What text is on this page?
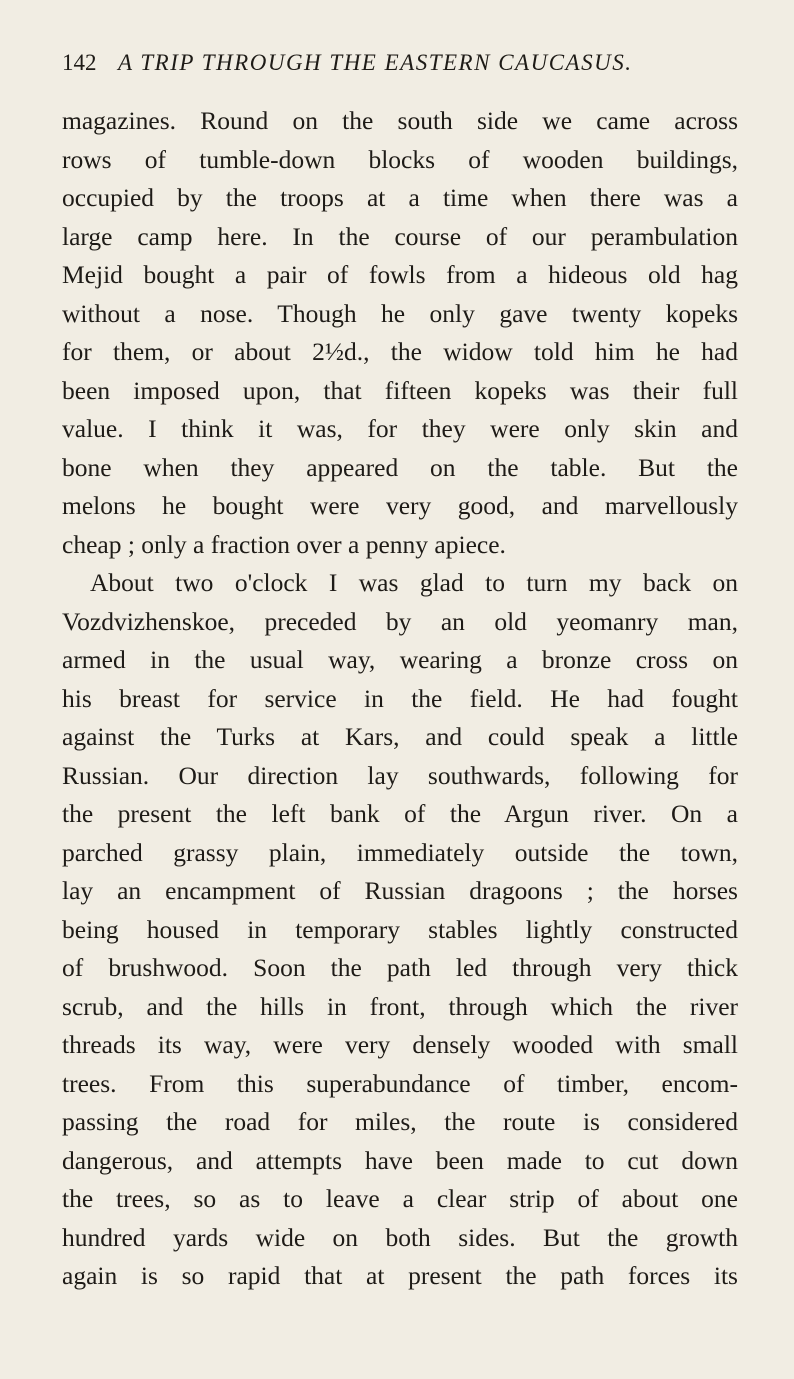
142 A TRIP THROUGH THE EASTERN CAUCASUS.
magazines. Round on the south side we came across
rows of tumble-down blocks of wooden buildings,
occupied by the troops at a time when there was a
large camp here. In the course of our perambulation
Mejid bought a pair of fowls from a hideous old hag
without a nose. Though he only gave twenty kopeks
for them, or about 2½d., the widow told him he had
been imposed upon, that fifteen kopeks was their full
value. I think it was, for they were only skin and
bone when they appeared on the table. But the
melons he bought were very good, and marvellously
cheap ; only a fraction over a penny apiece.
About two o'clock I was glad to turn my back on
Vozdvizhenskoe, preceded by an old yeomanry man,
armed in the usual way, wearing a bronze cross on
his breast for service in the field. He had fought
against the Turks at Kars, and could speak a little
Russian. Our direction lay southwards, following for
the present the left bank of the Argun river. On a
parched grassy plain, immediately outside the town,
lay an encampment of Russian dragoons ; the horses
being housed in temporary stables lightly constructed
of brushwood. Soon the path led through very thick
scrub, and the hills in front, through which the river
threads its way, were very densely wooded with small
trees. From this superabundance of timber, encom-
passing the road for miles, the route is considered
dangerous, and attempts have been made to cut down
the trees, so as to leave a clear strip of about one
hundred yards wide on both sides. But the growth
again is so rapid that at present the path forces its
